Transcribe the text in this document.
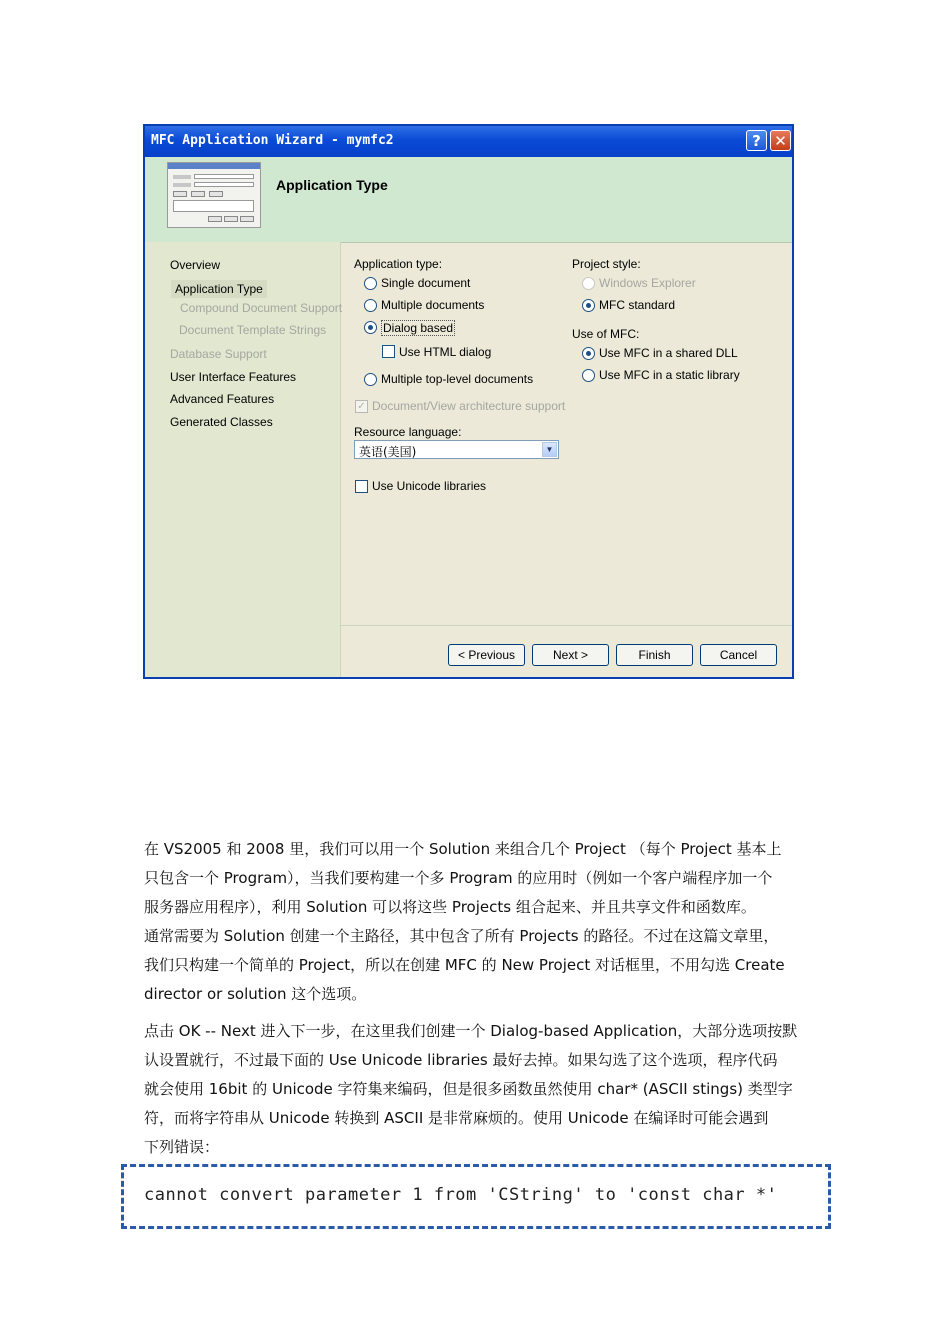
MFC Application Wizard - mymfc2	? ✕
Application Type
Overview
Application Type
Compound Document Support
Document Template Strings
Database Support
User Interface Features
Advanced Features
Generated Classes
Application type:
Single document
Multiple documents
Dialog based
Use HTML dialog
Multiple top-level documents
✓ Document/View architecture support
Resource language:
英语(美国)	▼
Use Unicode libraries
Project style:
Windows Explorer
MFC standard
Use of MFC:
Use MFC in a shared DLL
Use MFC in a static library
< Previous	Next >	Finish	Cancel
在 VS2005 和 2008 里，我们可以用一个 Solution 来组合几个 Project （每个 Project 基本上
只包含一个 Program），当我们要构建一个多 Program 的应用时（例如一个客户端程序加一个
服务器应用程序），利用 Solution 可以将这些 Projects 组合起来、并且共享文件和函数库。
通常需要为 Solution 创建一个主路径，其中包含了所有 Projects 的路径。不过在这篇文章里，
我们只构建一个简单的 Project，所以在创建 MFC 的 New Project 对话框里，不用勾选 Create
director or solution 这个选项。
点击 OK -- Next 进入下一步，在这里我们创建一个 Dialog-based Application，大部分选项按默
认设置就行，不过最下面的 Use Unicode libraries 最好去掉。如果勾选了这个选项，程序代码
就会使用 16bit 的 Unicode 字符集来编码，但是很多函数虽然使用 char* (ASCII stings) 类型字
符，而将字符串从 Unicode 转换到 ASCII 是非常麻烦的。使用 Unicode 在编译时可能会遇到
下列错误：
cannot convert parameter 1 from 'CString' to 'const char *'
